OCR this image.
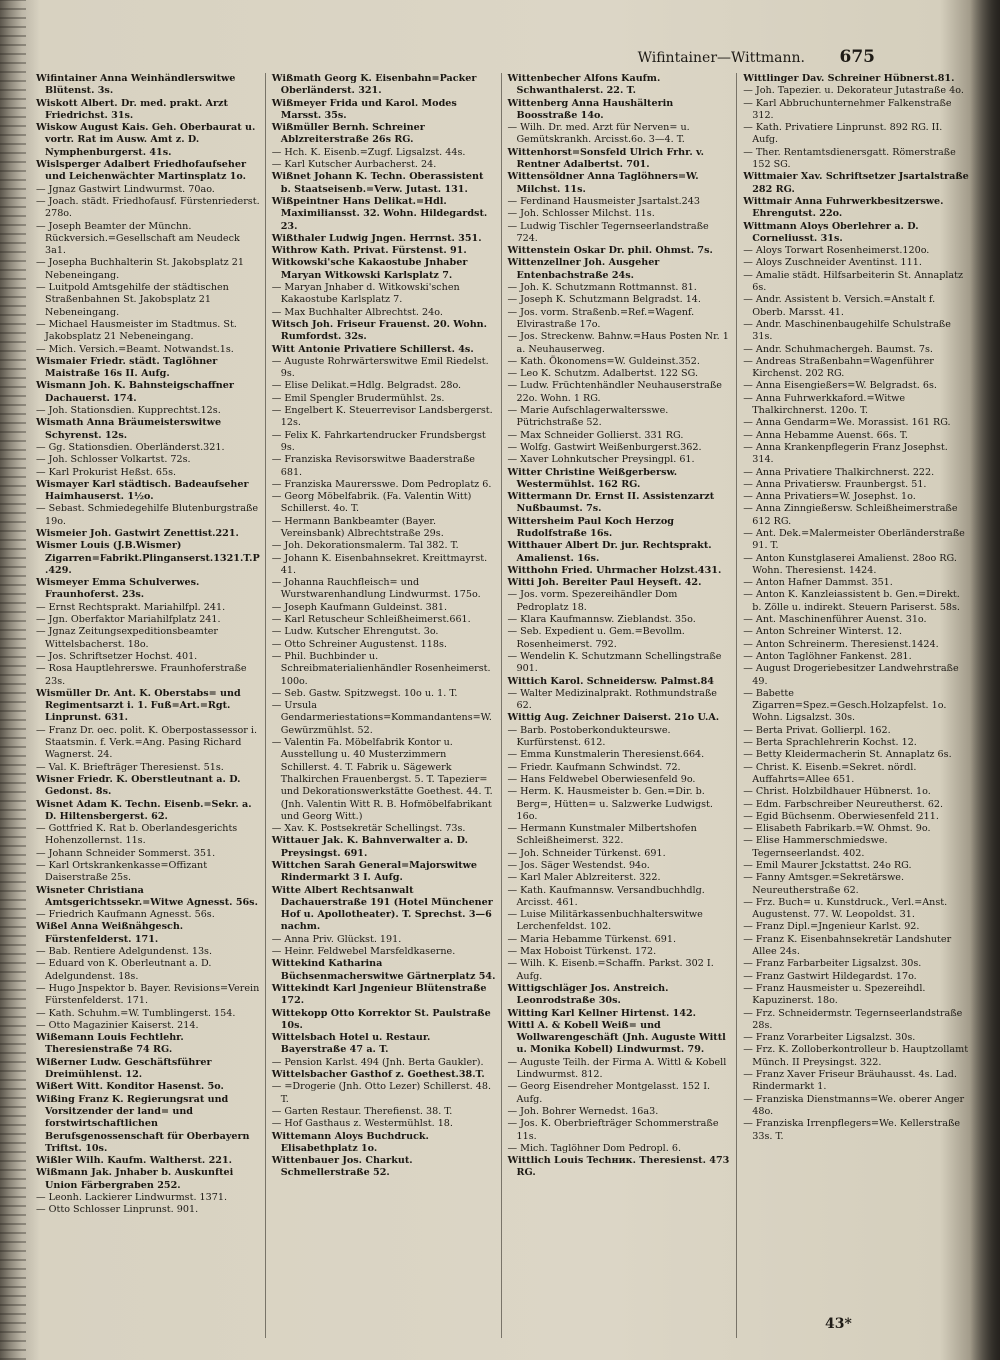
Wifintainer—Wittmann. 675
Wifintainer Anna Weinhändlerswitwe Blütenst. 3s.
Wiskott Albert. Dr. med. prakt. Arzt Friedrichst. 31s.
Wiskow August Kais. Geh. Oberbaurat u. vortr. Rat im Ausw. Amt z. D. Nymphenburgerst. 41s.
Wislsperger Adalbert Friedhofaufseher und Leichenwächter Martinsplatz 1o.
— Jgnaz Gastwirt Lindwurmst. 70ao.
— Joach. städt. Friedhofausf. Fürstenriederst. 278o.
— Joseph Beamter der Münchn. Rückversich.=Gesellschaft am Neudeck 3a1.
— Josepha Buchhalterin St. Jakobsplatz 21 Nebeneingang.
— Luitpold Amtsgehilfe der städtischen Straßenbahnen St. Jakobsplatz 21 Nebeneingang.
— Michael Hausmeister im Stadtmus. St. Jakobsplatz 21 Nebeneingang.
— Mich. Versich.=Beamt. Notwandst.1s.
Wismaier Friedr. städt. Taglöhner Maistraße 16s II. Aufg.
Wismann Joh. K. Bahnsteigschaffner Dachauerst. 174.
— Joh. Stationsdien. Kupprechtst.12s.
Wismath Anna Bräumeisterswitwe Schyrenst. 12s.
— Gg. Stationsdien. Oberländerst.321.
— Joh. Schlosser Volkartst. 72s.
— Karl Prokurist Heßst. 65s.
Wismayer Karl städtisch. Badeaufseher Haimhauserst. 1½o.
— Sebast. Schmiedegehilfe Blutenburgstraße 19o.
Wismeier Joh. Gastwirt Zenettist.221.
Wismer Louis (J.B.Wismer) Zigarren=Fabrikt.Plinganserst.1321.T.P.429.
Wismeyer Emma Schulverwes. Fraunhoferst. 23s.
— Ernst Rechtsprakt. Mariahilfpl. 241.
— Jgn. Oberfaktor Mariahilfplatz 241.
— Jgnaz Zeitungsexpeditionsbeamter Wittelsbacherst. 18o.
— Jos. Schriftsetzer Hochst. 401.
— Rosa Hauptlehrerswe. Fraunhoferstraße 23s.
Wismüller Dr. Ant. K. Oberstabs= und Regimentsarzt i. 1. Fuß=Art.=Rgt. Linprunst. 631.
— Franz Dr. oec. polit. K. Oberpostassessor i. Staatsmin. f. Verk.=Ang. Pasing Richard Wagnerst. 24.
— Val. K. Briefträger Theresienst. 51s.
Wisner Friedr. K. Oberstleutnant a. D. Gedonst. 8s.
Wisnet Adam K. Techn. Eisenb.=Sekr. a. D. Hiltensbergerst. 62.
— Gottfried K. Rat b. Oberlandesgerichts Hohenzollernst. 11s.
— Johann Schneider Sommerst. 351.
— Karl Ortskrankenkasse=Offizant Daiserstraße 25s.
Wisneter Christiana Amtsgerichtssekr.=Witwe Agnesst. 56s.
— Friedrich Kaufmann Agnesst. 56s.
Wißel Anna Weißnähgesch. Fürstenfelderst. 171.
— Bab. Rentiere Adelgundenst. 13s.
— Eduard von K. Oberleutnant a. D. Adelgundenst. 18s.
— Hugo Jnspektor b. Bayer. Revisions=Verein Fürstenfelderst. 171.
— Kath. Schuhm.=W. Tumblingerst. 154.
— Otto Magazinier Kaiserst. 214.
Wißemann Louis Fechtlehr. Theresienstraße 74 RG.
Wißerner Ludw. Geschäftsführer Dreimühlenst. 12.
Wißert Witt. Konditor Hasenst. 5o.
Wißing Franz K. Regierungsrat und Vorsitzender der land= und forstwirtschaftlichen Berufsgenossenschaft für Oberbayern Triftst. 10s.
Wißler Wilh. Kaufm. Waltherst. 221.
Wißmann Jak. Jnhaber b. Auskunftei Union Färbergraben 252.
— Leonh. Lackierer Lindwurmst. 1371.
— Otto Schlosser Linprunst. 901.
Wißmath Georg K. Eisenbahn=Packer Oberländerst. 321.
Wißmeyer Frida und Karol. Modes Marsst. 35s.
Wißmüller Bernh. Schreiner Ablzreiterstraße 26s RG.
— Hch. K. Eisenb.=Zugf. Ligsalzst. 44s.
— Karl Kutscher Aurbacherst. 24.
Wißnet Johann K. Techn. Oberassistent b. Staatseisenb.=Verw. Jutast. 131.
Wißpeintner Hans Delikat.=Hdl. Maximiliansst. 32. Wohn. Hildegardst. 23.
Wißthaler Ludwig Jngen. Herrnst. 351.
Withrow Kath. Privat. Fürstenst. 91.
Witkowski'sche Kakaostube Jnhaber Maryan Witkowski Karlsplatz 7.
— Maryan Jnhaber d. Witkowski'schen Kakaostube Karlsplatz 7.
— Max Buchhalter Albrechtst. 24o.
Witsch Joh. Friseur Frauenst. 20. Wohn. Rumfordst. 32s.
Witt Antonie Privatiere Schillerst. 4s.
— Auguste Rohrwärterswitwe Emil Riedelst. 9s.
— Elise Delikat.=Hdlg. Belgradst. 28o.
— Emil Spengler Brudermühlst. 2s.
— Engelbert K. Steuerrevisor Landsbergerst. 12s.
— Felix K. Fahrkartendrucker Frundsbergst 9s.
— Franziska Revisorswitwe Baaderstraße 681.
— Franziska Maurersswe. Dom Pedroplatz 6.
— Georg Möbelfabrik. (Fa. Valentin Witt) Schillerst. 4o. T.
— Hermann Bankbeamter (Bayer. Vereinsbank) Albrechtstraße 29s.
— Joh. Dekorationsmalerm. Tal 382. T.
— Johann K. Eisenbahnsekret. Kreittmayrst. 41.
— Johanna Rauchfleisch= und Wurstwarenhandlung Lindwurmst. 175o.
— Joseph Kaufmann Guldeinst. 381.
— Karl Retuscheur Schleißheimerst.661.
— Ludw. Kutscher Ehrengutst. 3o.
— Otto Schreiner Augustenst. 118s.
— Phil. Buchbinder u. Schreibmaterialienhändler Rosenheimerst. 100o.
— Seb. Gastw. Spitzwegst. 10o u. 1. T.
— Ursula Gendarmeriestations=Kommandantens=W. Gewürzmühlst. 52.
— Valentin Fa. Möbelfabrik Kontor u. Ausstellung u. 40 Musterzimmern Schillerst. 4. T. Fabrik u. Sägewerk Thalkirchen Frauenbergst. 5. T. Tapezier= und Dekorationswerkstätte Goethest. 44. T. (Jnh. Valentin Witt R. B. Hofmöbelfabrikant und Georg Witt.)
— Xav. K. Postsekretär Schellingst. 73s.
Wittauer Jak. K. Bahnverwalter a. D. Preysingst. 691.
Wittchen Sarah General=Majorswitwe Rindermarkt 3 I. Aufg.
Witte Albert Rechtsanwalt Dachauerstraße 191 (Hotel Münchener Hof u. Apollotheater). T. Sprechst. 3—6 nachm.
— Anna Priv. Glückst. 191.
— Heinr. Feldwebel Marsfeldkaserne.
Wittekind Katharina Büchsenmacherswitwe Gärtnerplatz 54.
Wittekindt Karl Jngenieur Blütenstraße 172.
Wittekopp Otto Korrektor St. Paulstraße 10s.
Wittelsbach Hotel u. Restaur. Bayerstraße 47 a. T.
— Pension Karlst. 494 (Jnh. Berta Gaukler).
Wittelsbacher Gasthof z. Goethest.38.T.
— =Drogerie (Jnh. Otto Lezer) Schillerst. 48. T.
— Garten Restaur. Therefienst. 38. T.
— Hof Gasthaus z. Westermühlst. 18.
Wittemann Aloys Buchdruck. Elisabethplatz 1o.
Wittenbauer Jos. Charkut. Schmellerstraße 52.
Wittenbecher Alfons Kaufm. Schwanthalerst. 22. T.
Wittenberg Anna Haushälterin Boosstraße 14o.
— Wilh. Dr. med. Arzt für Nerven= u. Gemütskrankh. Arcisst.6o. 3—4. T.
Wittenhorst=Sonsfeld Ulrich Frhr. v. Rentner Adalbertst. 701.
Wittensöldner Anna Taglöhners=W. Milchst. 11s.
— Ferdinand Hausmeister Jsartalst.243
— Joh. Schlosser Milchst. 11s.
— Ludwig Tischler Tegernseerlandstraße 724.
Wittenstein Oskar Dr. phil. Ohmst. 7s.
Wittenzellner Joh. Ausgeher Entenbachstraße 24s.
— Joh. K. Schutzmann Rottmannst. 81.
— Joseph K. Schutzmann Belgradst. 14.
— Jos. vorm. Straßenb.=Ref.=Wagenf. Elvirastraße 17o.
— Jos. Streckenw. Bahnw.=Haus Posten Nr. 1 a. Neuhauserweg.
— Kath. Ökonomens=W. Guldeinst.352.
— Leo K. Schutzm. Adalbertst. 122 SG.
— Ludw. Früchtenhändler Neuhauserstraße 22o. Wohn. 1 RG.
— Marie Aufschlagerwaltersswe. Pütrichstraße 52.
— Max Schneider Gollierst. 331 RG.
— Wolfg. Gastwirt Weißenburgerst.362.
— Xaver Lohnkutscher Preysingpl. 61.
Witter Christine Weißgerbersw. Westermühlst. 162 RG.
Wittermann Dr. Ernst II. Assistenzarzt Nußbaumst. 7s.
Wittersheim Paul Koch Herzog Rudolfstraße 16s.
Witthauer Albert Dr. jur. Rechtsprakt. Amalienst. 16s.
Witthohn Fried. Uhrmacher Holzst.431.
Witti Joh. Bereiter Paul Heyseft. 42.
— Jos. vorm. Spezereihändler Dom Pedroplatz 18.
— Klara Kaufmannsw. Zieblandst. 35o.
— Seb. Expedient u. Gem.=Bevollm. Rosenheimerst. 792.
— Wendelin K. Schutzmann Schellingstraße 901.
Wittich Karol. Schneidersw. Palmst.84
— Walter Medizinalprakt. Rothmundstraße 62.
Wittig Aug. Zeichner Daiserst. 21o U.A.
— Barb. Postoberkondukteurswe. Kurfürstenst. 612.
— Emma Kunstmalerin Theresienst.664.
— Friedr. Kaufmann Schwindst. 72.
— Hans Feldwebel Oberwiesenfeld 9o.
— Herm. K. Hausmeister b. Gen.=Dir. b. Berg=, Hütten= u. Salzwerke Ludwigst. 16o.
— Hermann Kunstmaler Milbertshofen Schleißheimerst. 322.
— Joh. Schneider Türkenst. 691.
— Jos. Säger Westendst. 94o.
— Karl Maler Ablzreiterst. 322.
— Kath. Kaufmannsw. Versandbuchhdlg. Arcisst. 461.
— Luise Militärkassenbuchhalterswitwe Lerchenfeldst. 102.
— Maria Hebamme Türkenst. 691.
— Max Hoboist Türkenst. 172.
— Wilh. K. Eisenb.=Schaffn. Parkst. 302 I. Aufg.
Wittigschläger Jos. Anstreich. Leonrodstraße 30s.
Witting Karl Kellner Hirtenst. 142.
Wittl A. & Kobell Weiß= und Wollwarengeschäft (Jnh. Auguste Wittl u. Monika Kobell) Lindwurmst. 79.
— Auguste Teilh. der Firma A. Wittl & Kobell Lindwurmst. 812.
— Georg Eisendreher Montgelasst. 152 I. Aufg.
— Joh. Bohrer Wernedst. 16a3.
— Jos. K. Oberbriefträger Schommerstraße 11s.
— Mich. Taglöhner Dom Pedropl. 6.
Wittlich Louis Techник. Theresienst. 473 RG.
Wittlinger Dav. Schreiner Hübnerst.81.
— Joh. Tapezier. u. Dekorateur Jutastraße 4o.
— Karl Abbruchunternehmer Falkenstraße 312.
— Kath. Privatiere Linprunst. 892 RG. II. Aufg.
— Ther. Rentamtsdienersgatt. Römerstraße 152 SG.
Wittmaier Xav. Schriftsetzer Jsartalstraße 282 RG.
Wittmair Anna Fuhrwerkbesitzerswe. Ehrengutst. 22o.
Wittmann Aloys Oberlehrer a. D. Corneliusst. 31s.
— Aloys Torwart Rosenheimerst.120o.
— Aloys Zuschneider Aventinst. 111.
— Amalie städt. Hilfsarbeiterin St. Annaplatz 6s.
— Andr. Assistent b. Versich.=Anstalt f. Oberb. Marsst. 41.
— Andr. Maschinenbaugehilfe Schulstraße 31s.
— Andr. Schuhmachergeh. Baumst. 7s.
— Andreas Straßenbahn=Wagenführer Kirchenst. 202 RG.
— Anna Eisengießers=W. Belgradst. 6s.
— Anna Fuhrwerkkaford.=Witwe Thalkirchnerst. 120o. T.
— Anna Gendarm=We. Morassist. 161 RG.
— Anna Hebamme Auenst. 66s. T.
— Anna Krankenpflegerin Franz Josephst. 314.
— Anna Privatiere Thalkirchnerst. 222.
— Anna Privatiersw. Fraunbergst. 51.
— Anna Privatiers=W. Josephst. 1o.
— Anna Zinngießersw. Schleißheimerstraße 612 RG.
— Ant. Dek.=Malermeister Oberländerstraße 91. T.
— Anton Kunstglaserei Amalienst. 28oo RG. Wohn. Theresienst. 1424.
— Anton Hafner Dammst. 351.
— Anton K. Kanzleiassistent b. Gen.=Direkt. b. Zölle u. indirekt. Steuern Pariserst. 58s.
— Ant. Maschinenführer Auenst. 31o.
— Anton Schreiner Winterst. 12.
— Anton Schreinerm. Theresienst.1424.
— Anton Taglöhner Fankenst. 281.
— August Drogeriebesitzer Landwehrstraße 49.
— Babette Zigarren=Spez.=Gesch.Holzapfelst. 1o. Wohn. Ligsalzst. 30s.
— Berta Privat. Gollierpl. 162.
— Berta Sprachlehrerin Kochst. 12.
— Betty Kleidermacherin St. Annaplatz 6s.
— Christ. K. Eisenb.=Sekret. nördl. Auffahrts=Allee 651.
— Christ. Holzbildhauer Hübnerst. 1o.
— Edm. Farbschreiber Neureutherst. 62.
— Egid Büchsenm. Oberwiesenfeld 211.
— Elisabeth Fabrikarb.=W. Ohmst. 9o.
— Elise Hammerschmiedswe. Tegernseerlandst. 402.
— Emil Maurer Jckstattst. 24o RG.
— Fanny Amtsger.=Sekretärswe. Neureutherstraße 62.
— Frz. Buch= u. Kunstdruck., Verl.=Anst. Augustenst. 77. W. Leopoldst. 31.
— Franz Dipl.=Jngenieur Karlst. 92.
— Franz K. Eisenbahnsekretär Landshuter Allee 24s.
— Franz Farbarbeiter Ligsalzst. 30s.
— Franz Gastwirt Hildegardst. 17o.
— Franz Hausmeister u. Spezereihdl. Kapuzinerst. 18o.
— Frz. Schneidermstr. Tegernseerlandstraße 28s.
— Franz Vorarbeiter Ligsalzst. 30s.
— Frz. K. Zolloberkontrolleur b. Hauptzollamt Münch. II Preysingst. 322.
— Franz Xaver Friseur Bräuhausst. 4s. Lad. Rindermarkt 1.
— Franziska Dienstmanns=We. oberer Anger 48o.
— Franziska Irrenpflegers=We. Kellerstraße 33s. T.
43*
